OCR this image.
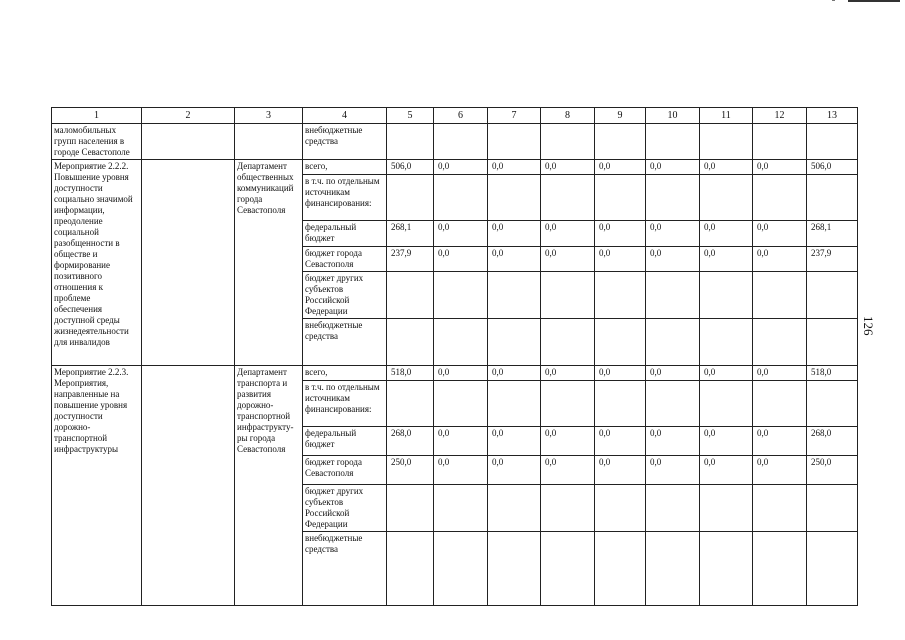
126
1	2	3	4	5	6	7	8	9	10	11	12	13
маломобильных групп населения в городе Севастополе			внебюджетные средства									
Мероприятие 2.2.2. Повышение уровня доступности социально значимой информации, преодоление социальной разобщенности в обществе и формирование позитивного отношения к проблеме обеспечения доступной среды жизнедеятельности для инвалидов		Департамент общественных коммуникаций города Севастополя	всего,	506,0	0,0	0,0	0,0	0,0	0,0	0,0	0,0	506,0
			в т.ч. по отдельным источникам финансирования:									
			федеральный бюджет	268,1	0,0	0,0	0,0	0,0	0,0	0,0	0,0	268,1
			бюджет города Севастополя	237,9	0,0	0,0	0,0	0,0	0,0	0,0	0,0	237,9
			бюджет других субъектов Российской Федерации									
			внебюджетные средства									
Мероприятие 2.2.3. Мероприятия, направленные на повышение уровня доступности дорожно-транспортной инфраструктуры		Департамент транспорта и развития дорожно-транспортной инфраструкту-ры города Севастополя	всего,	518,0	0,0	0,0	0,0	0,0	0,0	0,0	0,0	518,0
			в т.ч. по отдельным источникам финансирования:									
			федеральный бюджет	268,0	0,0	0,0	0,0	0,0	0,0	0,0	0,0	268,0
			бюджет города Севастополя	250,0	0,0	0,0	0,0	0,0	0,0	0,0	0,0	250,0
			бюджет других субъектов Российской Федерации									
			внебюджетные средства									
